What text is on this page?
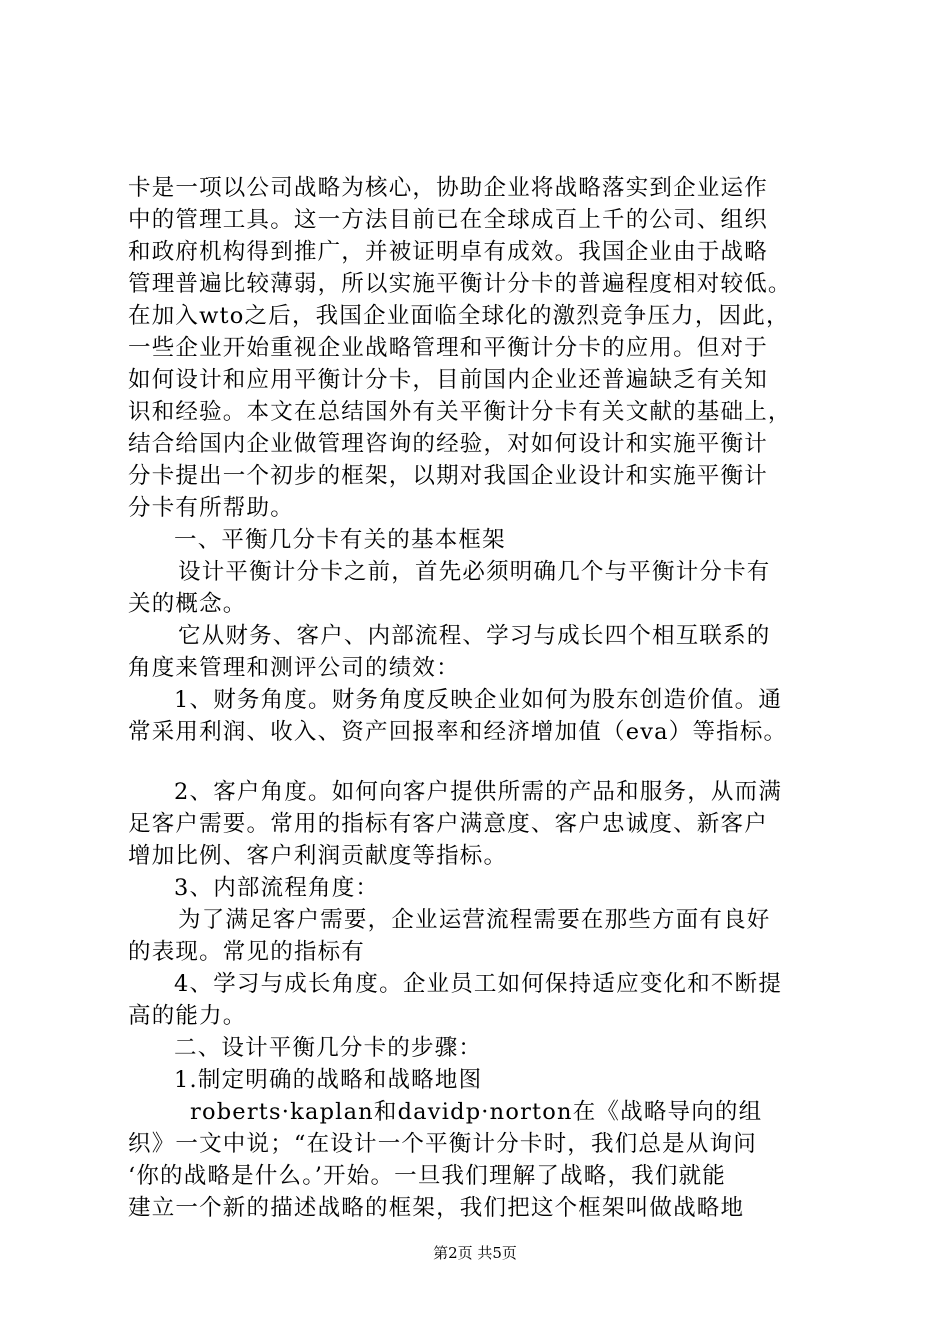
卡是一项以公司战略为核心，协助企业将战略落实到企业运作
中的管理工具。这一方法目前已在全球成百上千的公司、组织
和政府机构得到推广，并被证明卓有成效。我国企业由于战略
管理普遍比较薄弱，所以实施平衡计分卡的普遍程度相对较低。
在加入wto之后，我国企业面临全球化的激烈竞争压力，因此，
一些企业开始重视企业战略管理和平衡计分卡的应用。但对于
如何设计和应用平衡计分卡，目前国内企业还普遍缺乏有关知
识和经验。本文在总结国外有关平衡计分卡有关文献的基础上，
结合给国内企业做管理咨询的经验，对如何设计和实施平衡计
分卡提出一个初步的框架，以期对我国企业设计和实施平衡计
分卡有所帮助。
一、平衡几分卡有关的基本框架
设计平衡计分卡之前，首先必须明确几个与平衡计分卡有
关的概念。
它从财务、客户、内部流程、学习与成长四个相互联系的
角度来管理和测评公司的绩效：
1、财务角度。财务角度反映企业如何为股东创造价值。通
常采用利润、收入、资产回报率和经济增加值（eva）等指标。
2、客户角度。如何向客户提供所需的产品和服务，从而满
足客户需要。常用的指标有客户满意度、客户忠诚度、新客户
增加比例、客户利润贡献度等指标。
3、内部流程角度：
为了满足客户需要，企业运营流程需要在那些方面有良好
的表现。常见的指标有
4、学习与成长角度。企业员工如何保持适应变化和不断提
高的能力。
二、设计平衡几分卡的步骤：
1.制定明确的战略和战略地图
roberts·kaplan和davidp·norton在《战略导向的组
织》一文中说；“在设计一个平衡计分卡时，我们总是从询问
‘你的战略是什么。’开始。一旦我们理解了战略，我们就能
建立一个新的描述战略的框架，我们把这个框架叫做战略地
第2页 共5页
